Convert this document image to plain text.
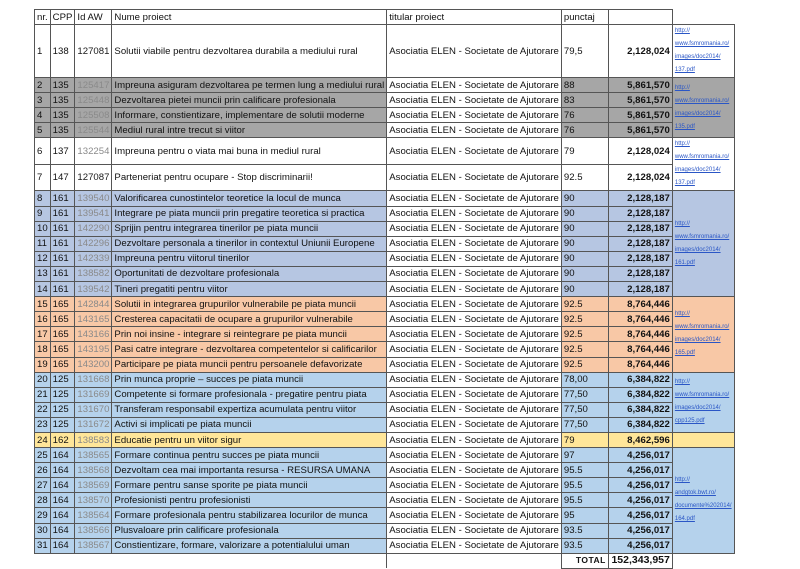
nr.	CPP	Id AW	Nume proiect	titular proiect	punctaj		
1	138	127081	Solutii viabile pentru dezvoltarea durabila a mediului rural	Asociatia ELEN - Societate de Ajutorare	79,5	2,128,024	http://
www.fsmromania.ro/
images/doc2014/
137.pdf

2	135	125417	Impreuna asiguram dezvoltarea pe termen lung a mediului rural	Asociatia ELEN - Societate de Ajutorare	88	5,861,570	http://
www.fsmromania.ro/
images/doc2014/
135.pdf

3	135	125448	Dezvoltarea pietei muncii prin calificare profesionala	Asociatia ELEN - Societate de Ajutorare	83	5,861,570	
4	135	125508	Informare, constientizare, implementare de solutii moderne	Asociatia ELEN - Societate de Ajutorare	76	5,861,570	
5	135	125544	Mediul rural intre trecut si viitor	Asociatia ELEN - Societate de Ajutorare	76	5,861,570	
6	137	132254	Impreuna pentru o viata mai buna in mediul rural	Asociatia ELEN - Societate de Ajutorare	79	2,128,024	http://
www.fsmromania.ro/
images/doc2014/
137.pdf

7	147	127087	Parteneriat pentru ocupare - Stop discriminarii!	Asociatia ELEN - Societate de Ajutorare	92.5	2,128,024	
8	161	139540	Valorificarea cunostintelor teoretice la locul de munca	Asociatia ELEN - Societate de Ajutorare	90	2,128,187	http://
www.fsmromania.ro/
images/doc2014/
161.pdf

9	161	139541	Integrare pe piata muncii prin pregatire teoretica si practica	Asociatia ELEN - Societate de Ajutorare	90	2,128,187	
10	161	142290	Sprijin pentru integrarea tinerilor pe piata muncii	Asociatia ELEN - Societate de Ajutorare	90	2,128,187	
11	161	142296	Dezvoltare personala a tinerilor in contextul Uniunii Europene	Asociatia ELEN - Societate de Ajutorare	90	2,128,187	
12	161	142339	Impreuna pentru viitorul tinerilor	Asociatia ELEN - Societate de Ajutorare	90	2,128,187	
13	161	138582	Oportunitati de dezvoltare profesionala	Asociatia ELEN - Societate de Ajutorare	90	2,128,187	
14	161	139542	Tineri pregatiti pentru viitor	Asociatia ELEN - Societate de Ajutorare	90	2,128,187	
15	165	142844	Solutii in integrarea grupurilor vulnerabile pe piata muncii	Asociatia ELEN - Societate de Ajutorare	92.5	8,764,446	http://
www.fsmromania.ro/
images/doc2014/
165.pdf

16	165	143165	Cresterea capacitatii de ocupare a grupurilor vulnerabile	Asociatia ELEN - Societate de Ajutorare	92.5	8,764,446	
17	165	143166	Prin noi insine - integrare si reintegrare pe piata muncii	Asociatia ELEN - Societate de Ajutorare	92.5	8,764,446	
18	165	143195	Pasi catre integrare - dezvoltarea competentelor si calificarilor	Asociatia ELEN - Societate de Ajutorare	92.5	8,764,446	
19	165	143200	Participare pe piata muncii pentru persoanele defavorizate	Asociatia ELEN - Societate de Ajutorare	92.5	8,764,446	
20	125	131668	Prin munca proprie – succes pe piata muncii	Asociatia ELEN - Societate de Ajutorare	78,00	6,384,822	http://
www.fsmromania.ro/
images/doc2014/
cpp125.pdf

21	125	131669	Competente si formare profesionala - pregatire pentru piata	Asociatia ELEN - Societate de Ajutorare	77,50	6,384,822	
22	125	131670	Transferam responsabil expertiza acumulata pentru viitor	Asociatia ELEN - Societate de Ajutorare	77,50	6,384,822	
23	125	131672	Activi si implicati pe piata muncii	Asociatia ELEN - Societate de Ajutorare	77,50	6,384,822	
24	162	138583	Educatie pentru un viitor sigur	Asociatia ELEN - Societate de Ajutorare	79	8,462,596	
25	164	138565	Formare continua pentru succes pe piata muncii	Asociatia ELEN - Societate de Ajutorare	97	4,256,017	http://
andgtok.bwt.ro/
documente%202014/
164.pdf

26	164	138568	Dezvoltam cea mai importanta resursa - RESURSA UMANA	Asociatia ELEN - Societate de Ajutorare	95.5	4,256,017	
27	164	138569	Formare pentru sanse sporite pe piata muncii	Asociatia ELEN - Societate de Ajutorare	95.5	4,256,017	
28	164	138570	Profesionisti pentru profesionisti	Asociatia ELEN - Societate de Ajutorare	95.5	4,256,017	
29	164	138564	Formare profesionala pentru stabilizarea locurilor de munca	Asociatia ELEN - Societate de Ajutorare	95	4,256,017	
30	164	138566	Plusvaloare prin calificare profesionala	Asociatia ELEN - Societate de Ajutorare	93.5	4,256,017	
31	164	138567	Constientizare, formare, valorizare a potentialului uman	Asociatia ELEN - Societate de Ajutorare	93.5	4,256,017	
					TOTAL	152,343,957	
